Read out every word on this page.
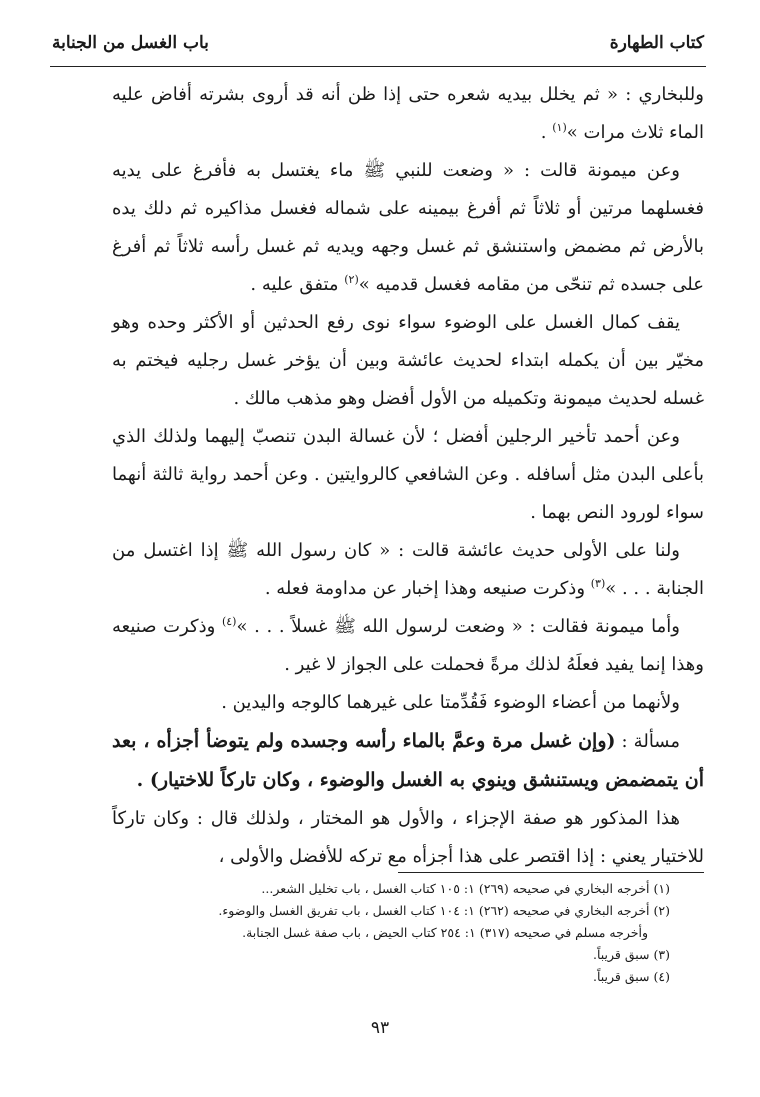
كتاب الطهارة
باب الغسل من الجنابة

وللبخاري : « ثم يخلل بيديه شعره حتى إذا ظن أنه قد أروى بشرته أفاض عليه الماء ثلاث مرات »$^{(١)}$ .

وعن ميمونة قالت : « وضعت للنبي ﷺ ماء يغتسل به فأفرغ على يديه فغسلهما مرتين أو ثلاثاً ثم أفرغ بيمينه على شماله فغسل مذاكيره ثم دلك يده بالأرض ثم مضمض واستنشق ثم غسل وجهه ويديه ثم غسل رأسه ثلاثاً ثم أفرغ على جسده ثم تنحّى من مقامه فغسل قدميه »$^{(٢)}$ متفق عليه .

يقف كمال الغسل على الوضوء سواء نوى رفع الحدثين أو الأكثر وحده وهو مخيّر بين أن يكمله ابتداء لحديث عائشة وبين أن يؤخر غسل رجليه فيختم به غسله لحديث ميمونة وتكميله من الأول أفضل وهو مذهب مالك .

وعن أحمد تأخير الرجلين أفضل ؛ لأن غسالة البدن تنصبّ إليهما ولذلك الذي بأعلى البدن مثل أسافله . وعن الشافعي كالروايتين . وعن أحمد رواية ثالثة أنهما سواء لورود النص بهما .

ولنا على الأولى حديث عائشة قالت : « كان رسول الله ﷺ إذا اغتسل من الجنابة . . . »$^{(٣)}$ وذكرت صنيعه وهذا إخبار عن مداومة فعله .

وأما ميمونة فقالت : « وضعت لرسول الله ﷺ غسلاً . . . »$^{(٤)}$ وذكرت صنيعه وهذا إنما يفيد فعلَهُ لذلك مرةً فحملت على الجواز لا غير .

ولأنهما من أعضاء الوضوء فَقُدِّمتا على غيرهما كالوجه واليدين .

مسألة : (وإن غسل مرة وعمَّ بالماء رأسه وجسده ولم يتوضأ أجزأه ، بعد أن يتمضمض ويستنشق وينوي به الغسل والوضوء ، وكان تاركاً للاختيار) .

هذا المذكور هو صفة الإجزاء ، والأول هو المختار ، ولذلك قال : وكان تاركاً للاختيار يعني : إذا اقتصر على هذا أجزأه مع تركه للأفضل والأولى ،

(١) أخرجه البخاري في صحيحه (٢٦٩) ١: ١٠٥ كتاب الغسل ، باب تخليل الشعر...
(٢) أخرجه البخاري في صحيحه (٢٦٢) ١: ١٠٤ كتاب الغسل ، باب تفريق الغسل والوضوء.
وأخرجه مسلم في صحيحه (٣١٧) ١: ٢٥٤ كتاب الحيض ، باب صفة غسل الجنابة.
(٣) سبق قريباً.
(٤) سبق قريباً.
٩٣
